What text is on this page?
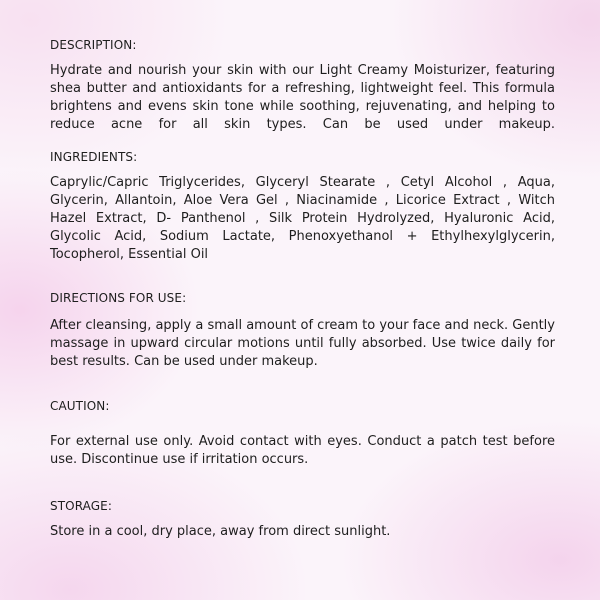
DESCRIPTION:

Hydrate and nourish your skin with our Light Creamy Moisturizer, featuring shea butter and antioxidants for a refreshing, lightweight feel. This formula brightens and evens skin tone while soothing, rejuvenating, and helping to reduce acne for all skin types. Can be used under makeup.

INGREDIENTS:

Caprylic/Capric Triglycerides, Glyceryl Stearate , Cetyl Alcohol , Aqua, Glycerin, Allantoin, Aloe Vera Gel , Niacinamide , Licorice Extract , Witch Hazel Extract, D- Panthenol , Silk Protein Hydrolyzed, Hyaluronic Acid, Glycolic Acid, Sodium Lactate, Phenoxyethanol + Ethylhexylglycerin, Tocopherol, Essential Oil

DIRECTIONS FOR USE:

After cleansing, apply a small amount of cream to your face and neck. Gently massage in upward circular motions until fully absorbed. Use twice daily for best results. Can be used under makeup.

CAUTION:

For external use only. Avoid contact with eyes. Conduct a patch test before use. Discontinue use if irritation occurs.

STORAGE:

Store in a cool, dry place, away from direct sunlight.
